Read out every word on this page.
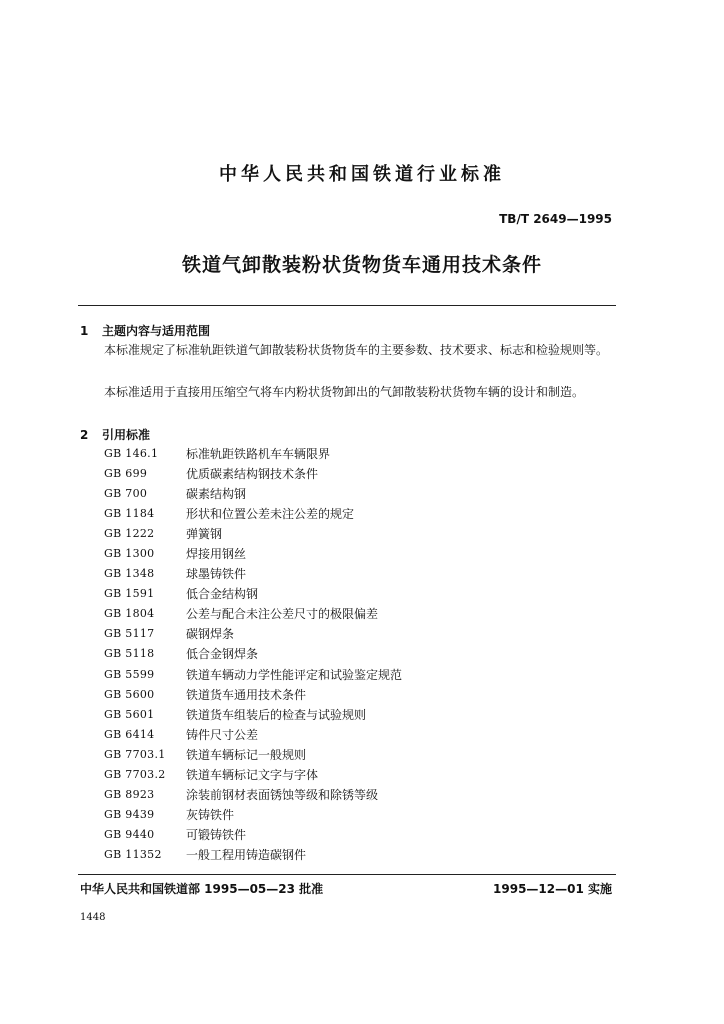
中华人民共和国铁道行业标准
TB/T 2649—1995
铁道气卸散装粉状货物货车通用技术条件
1 主题内容与适用范围
本标准规定了标准轨距铁道气卸散装粉状货物货车的主要参数、技术要求、标志和检验规则等。
本标准适用于直接用压缩空气将车内粉状货物卸出的气卸散装粉状货物车辆的设计和制造。
2 引用标准
GB 146.1	标准轨距铁路机车车辆限界
GB 699	优质碳素结构钢技术条件
GB 700	碳素结构钢
GB 1184	形状和位置公差未注公差的规定
GB 1222	弹簧钢
GB 1300	焊接用钢丝
GB 1348	球墨铸铁件
GB 1591	低合金结构钢
GB 1804	公差与配合未注公差尺寸的极限偏差
GB 5117	碳钢焊条
GB 5118	低合金钢焊条
GB 5599	铁道车辆动力学性能评定和试验鉴定规范
GB 5600	铁道货车通用技术条件
GB 5601	铁道货车组装后的检查与试验规则
GB 6414	铸件尺寸公差
GB 7703.1	铁道车辆标记一般规则
GB 7703.2	铁道车辆标记文字与字体
GB 8923	涂装前钢材表面锈蚀等级和除锈等级
GB 9439	灰铸铁件
GB 9440	可锻铸铁件
GB 11352	一般工程用铸造碳钢件
中华人民共和国铁道部 1995—05—23 批准	1995—12—01 实施
1448
